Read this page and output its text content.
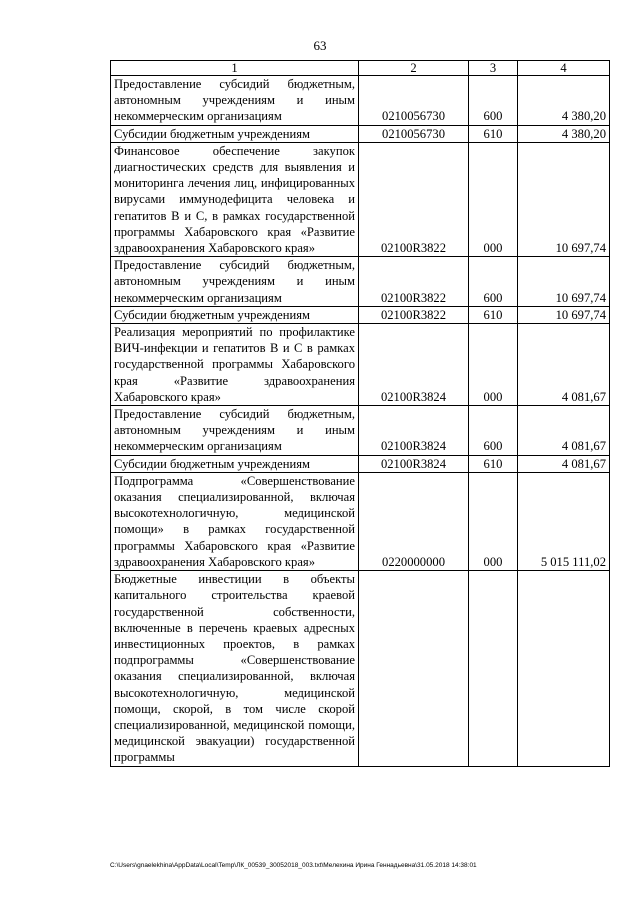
63
1	2	3	4
Предоставление субсидий бюджетным, автономным учреждениям и иным некоммерческим организациям	0210056730	600	4 380,20
Субсидии бюджетным учреждениям	0210056730	610	4 380,20
Финансовое обеспечение закупок диагностических средств для выявления и мониторинга лечения лиц, инфицированных вирусами иммунодефицита человека и гепатитов В и С, в рамках государственной программы Хабаровского края «Развитие здравоохранения Хабаровского края»	02100R3822	000	10 697,74
Предоставление субсидий бюджетным, автономным учреждениям и иным некоммерческим организациям	02100R3822	600	10 697,74
Субсидии бюджетным учреждениям	02100R3822	610	10 697,74
Реализация мероприятий по профилактике ВИЧ-инфекции и гепатитов В и С в рамках государственной программы Хабаровского края «Развитие здравоохранения Хабаровского края»	02100R3824	000	4 081,67
Предоставление субсидий бюджетным, автономным учреждениям и иным некоммерческим организациям	02100R3824	600	4 081,67
Субсидии бюджетным учреждениям	02100R3824	610	4 081,67
Подпрограмма «Совершенствование оказания специализированной, включая высокотехнологичную, медицинской помощи» в рамках государственной программы Хабаровского края «Развитие здравоохранения Хабаровского края»	0220000000	000	5 015 111,02
Бюджетные инвестиции в объекты капитального строительства краевой государственной собственности, включенные в перечень краевых адресных инвестиционных проектов, в рамках подпрограммы «Совершенствование оказания специализированной, включая высокотехнологичную, медицинской помощи, скорой, в том числе скорой специализированной, медицинской помощи, медицинской эвакуации) государственной программы			
C:\Users\gnaelekhina\AppData\Local\Temp\ЛК_00539_30052018_003.txt\Мелехина Ирина Геннадьевна\31.05.2018 14:38:01
